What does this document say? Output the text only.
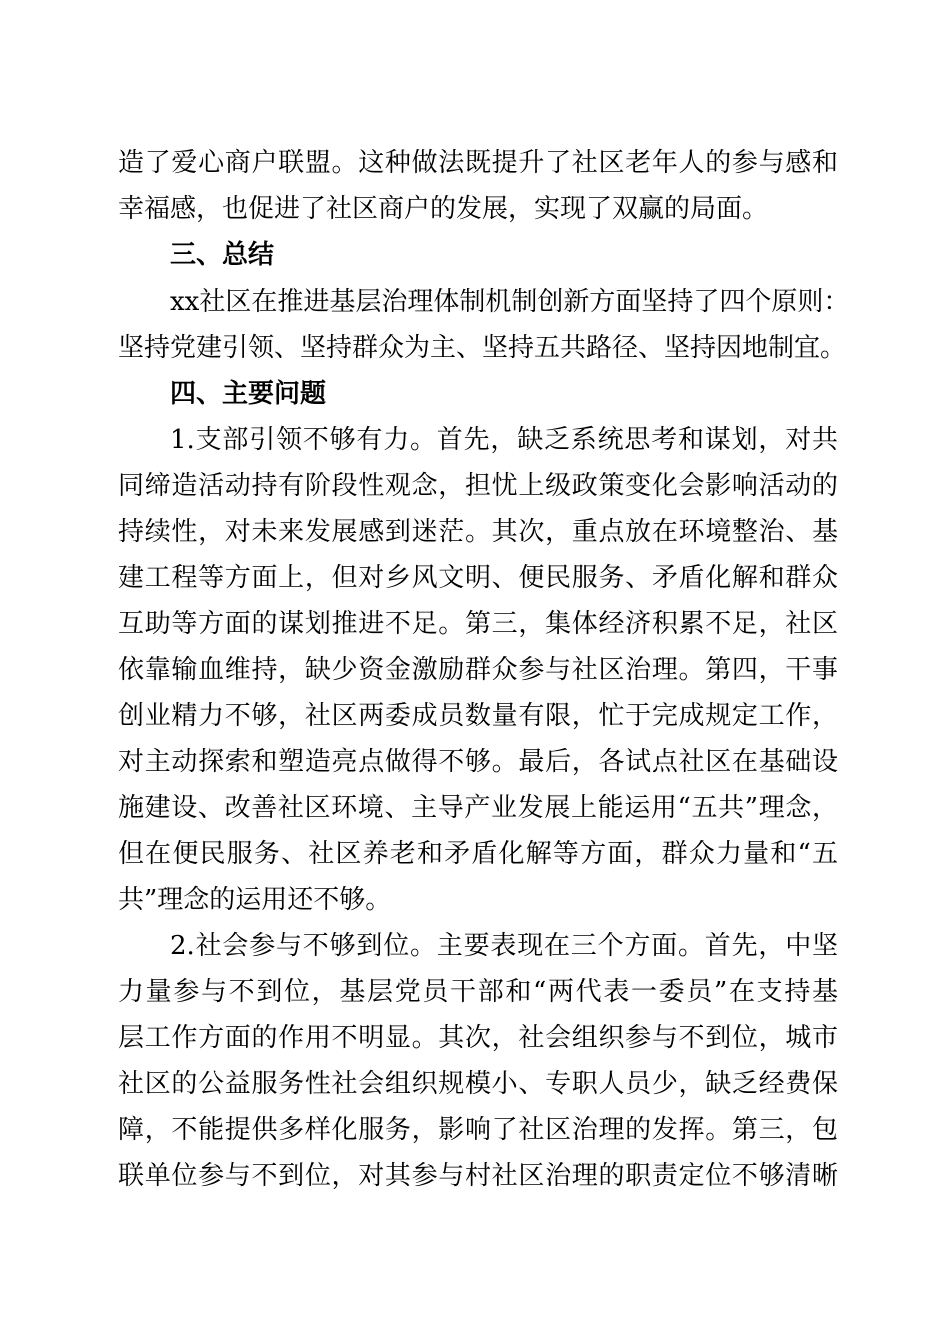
造了爱心商户联盟。这种做法既提升了社区老年人的参与感和
幸福感，也促进了社区商户的发展，实现了双赢的局面。
三、总结
xx社区在推进基层治理体制机制创新方面坚持了四个原则：
坚持党建引领、坚持群众为主、坚持五共路径、坚持因地制宜。
四、主要问题
1.支部引领不够有力。首先，缺乏系统思考和谋划，对共
同缔造活动持有阶段性观念，担忧上级政策变化会影响活动的
持续性，对未来发展感到迷茫。其次，重点放在环境整治、基
建工程等方面上，但对乡风文明、便民服务、矛盾化解和群众
互助等方面的谋划推进不足。第三，集体经济积累不足，社区
依靠输血维持，缺少资金激励群众参与社区治理。第四，干事
创业精力不够，社区两委成员数量有限，忙于完成规定工作，
对主动探索和塑造亮点做得不够。最后，各试点社区在基础设
施建设、改善社区环境、主导产业发展上能运用“五共”理念，
但在便民服务、社区养老和矛盾化解等方面，群众力量和“五
共”理念的运用还不够。
2.社会参与不够到位。主要表现在三个方面。首先，中坚
力量参与不到位，基层党员干部和“两代表一委员”在支持基
层工作方面的作用不明显。其次，社会组织参与不到位，城市
社区的公益服务性社会组织规模小、专职人员少，缺乏经费保
障，不能提供多样化服务，影响了社区治理的发挥。第三，包
联单位参与不到位，对其参与村社区治理的职责定位不够清晰
